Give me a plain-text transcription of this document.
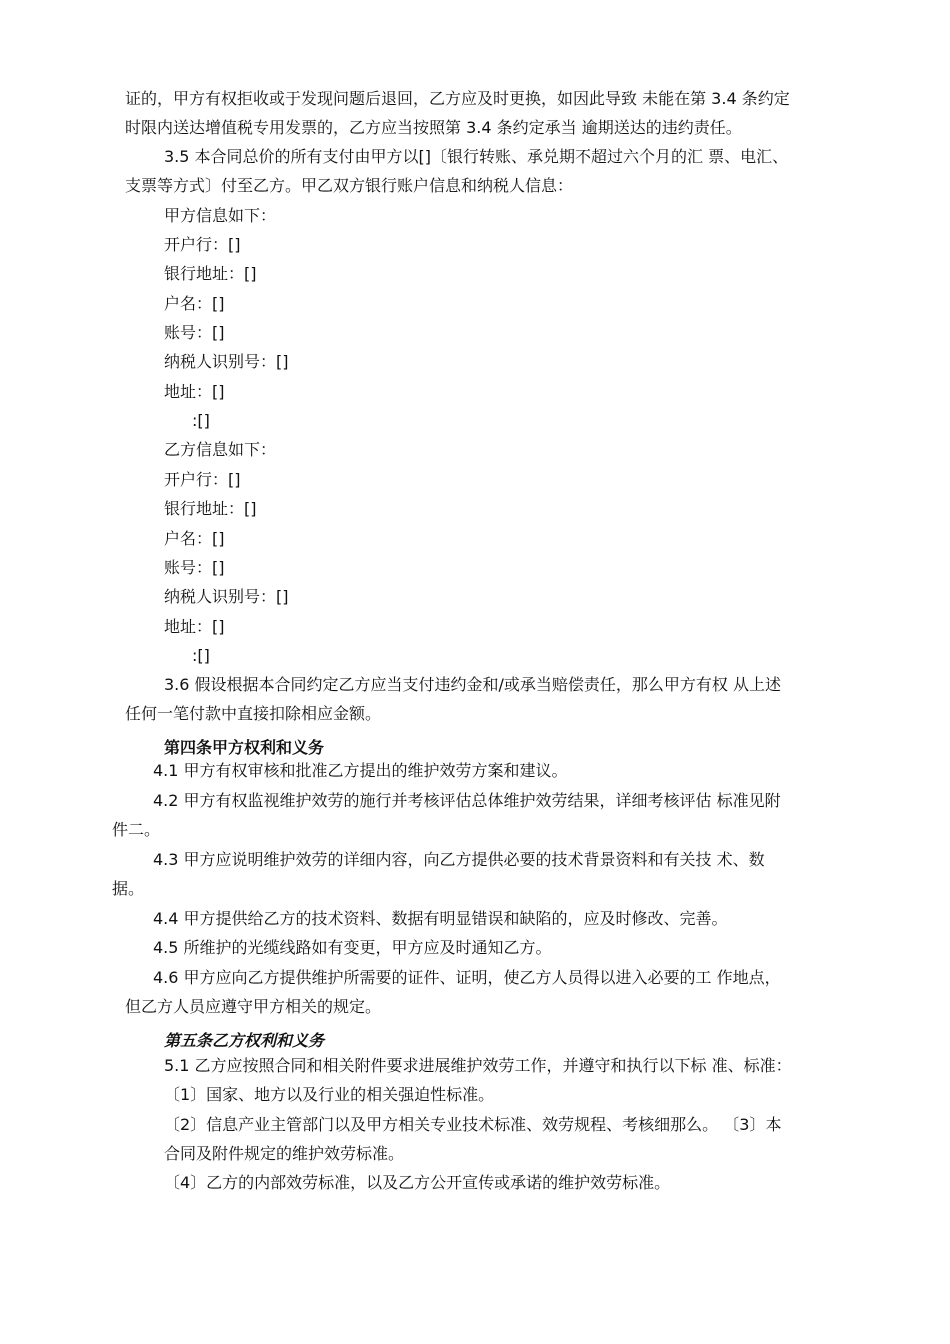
证的，甲方有权拒收或于发现问题后退回，乙方应及时更换，如因此导致 未能在第 3.4 条约定
时限内送达增值税专用发票的，乙方应当按照第 3.4 条约定承当 逾期送达的违约责任。
3.5 本合同总价的所有支付由甲方以[]〔银行转账、承兑期不超过六个月的汇 票、电汇、
支票等方式〕付至乙方。甲乙双方银行账户信息和纳税人信息：
甲方信息如下：
开户行：[]
银行地址：[]
户名：[]
账号：[]
纳税人识别号：[]
地址：[]
:[]
乙方信息如下：
开户行：[]
银行地址：[]
户名：[]
账号：[]
纳税人识别号：[]
地址：[]
:[]
3.6 假设根据本合同约定乙方应当支付违约金和/或承当赔偿责任，那么甲方有权 从上述
任何一笔付款中直接扣除相应金额。
第四条甲方权利和义务
4.1 甲方有权审核和批准乙方提出的维护效劳方案和建议。
4.2 甲方有权监视维护效劳的施行并考核评估总体维护效劳结果，详细考核评估 标准见附
件二。
4.3 甲方应说明维护效劳的详细内容，向乙方提供必要的技术背景资料和有关技 术、数
据。
4.4 甲方提供给乙方的技术资料、数据有明显错误和缺陷的，应及时修改、完善。
4.5 所维护的光缆线路如有变更，甲方应及时通知乙方。
4.6 甲方应向乙方提供维护所需要的证件、证明，使乙方人员得以进入必要的工 作地点，
但乙方人员应遵守甲方相关的规定。
第五条乙方权利和义务
5.1 乙方应按照合同和相关附件要求进展维护效劳工作，并遵守和执行以下标 准、标准：
〔1〕国家、地方以及行业的相关强迫性标准。
〔2〕信息产业主管部门以及甲方相关专业技术标准、效劳规程、考核细那么。 〔3〕本
合同及附件规定的维护效劳标准。
〔4〕乙方的内部效劳标准，以及乙方公开宣传或承诺的维护效劳标准。
